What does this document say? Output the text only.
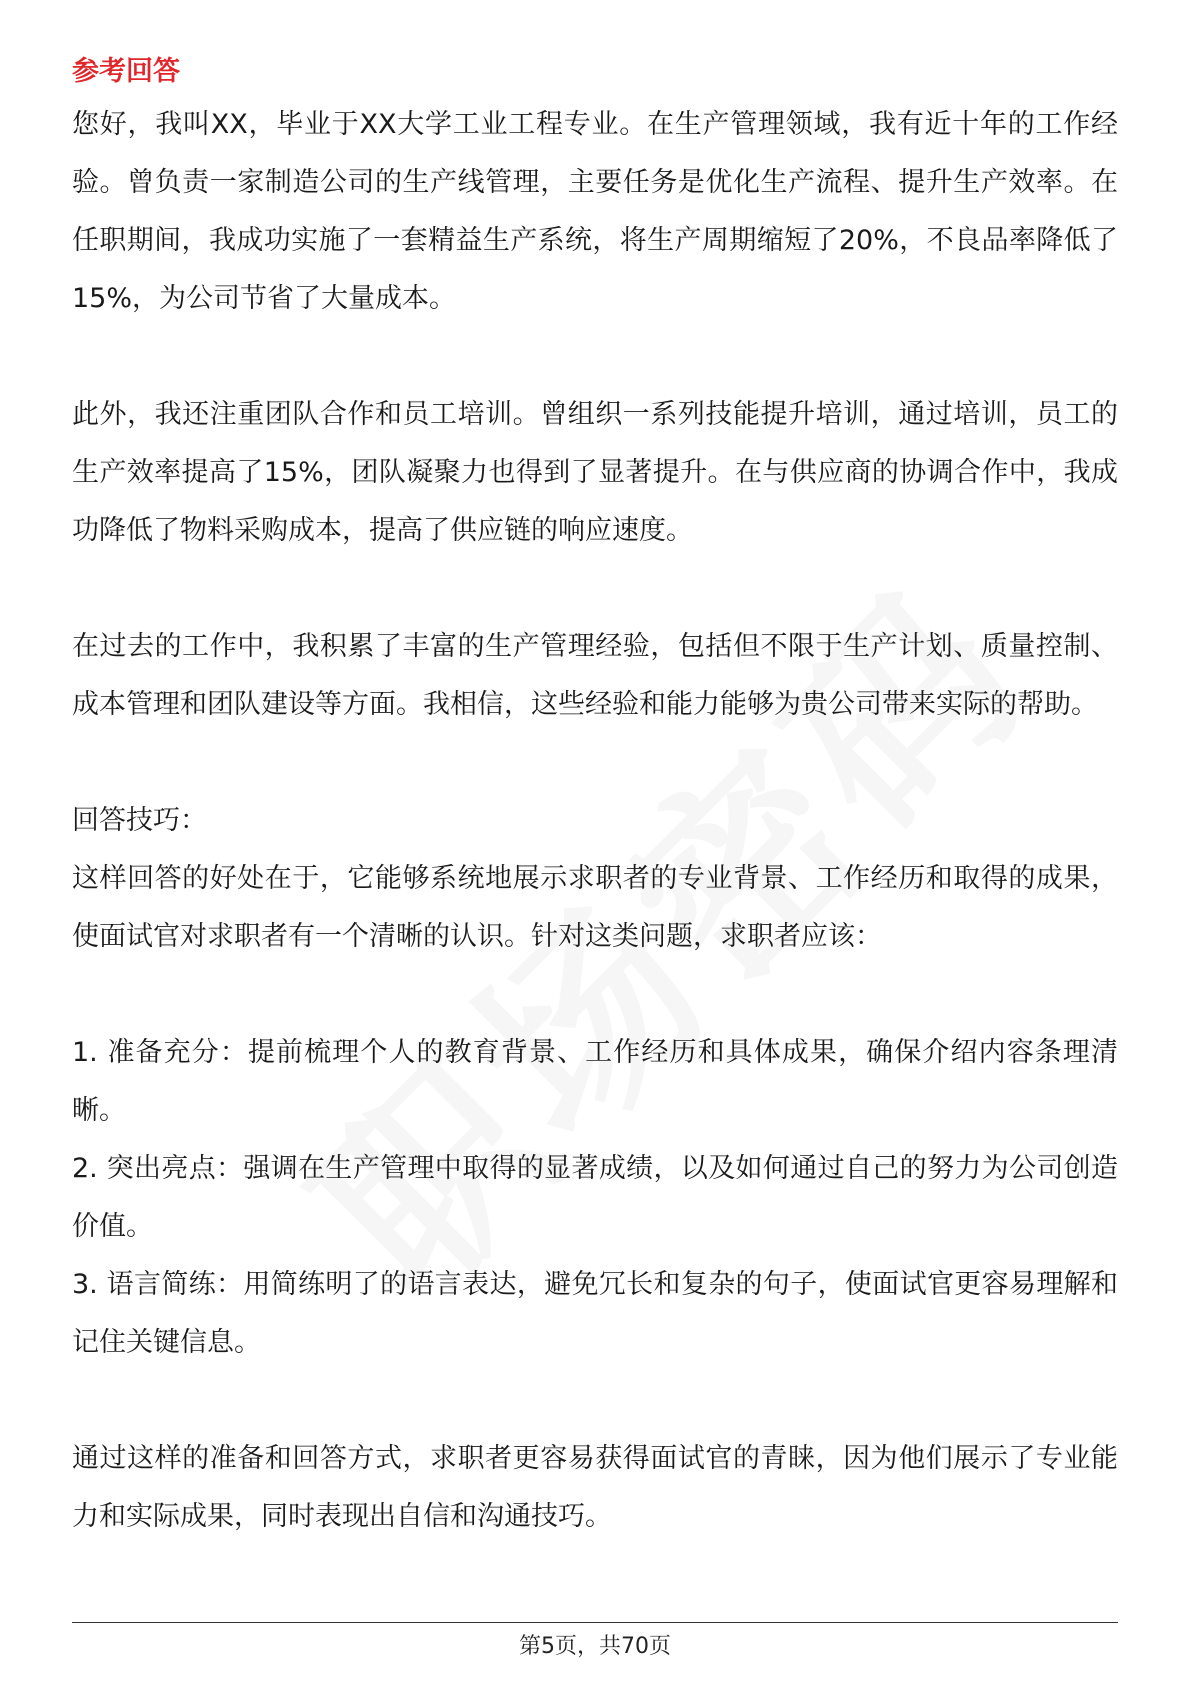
参考回答

您好，我叫XX，毕业于XX大学工业工程专业。在生产管理领域，我有近十年的工作经验。曾负责一家制造公司的生产线管理，主要任务是优化生产流程、提升生产效率。在任职期间，我成功实施了一套精益生产系统，将生产周期缩短了20%，不良品率降低了15%，为公司节省了大量成本。

此外，我还注重团队合作和员工培训。曾组织一系列技能提升培训，通过培训，员工的生产效率提高了15%，团队凝聚力也得到了显著提升。在与供应商的协调合作中，我成功降低了物料采购成本，提高了供应链的响应速度。

在过去的工作中，我积累了丰富的生产管理经验，包括但不限于生产计划、质量控制、成本管理和团队建设等方面。我相信，这些经验和能力能够为贵公司带来实际的帮助。

回答技巧：

这样回答的好处在于，它能够系统地展示求职者的专业背景、工作经历和取得的成果，使面试官对求职者有一个清晰的认识。针对这类问题，求职者应该：

1. 准备充分：提前梳理个人的教育背景、工作经历和具体成果，确保介绍内容条理清晰。

2. 突出亮点：强调在生产管理中取得的显著成绩，以及如何通过自己的努力为公司创造价值。

3. 语言简练：用简练明了的语言表达，避免冗长和复杂的句子，使面试官更容易理解和记住关键信息。

通过这样的准备和回答方式，求职者更容易获得面试官的青睐，因为他们展示了专业能力和实际成果，同时表现出自信和沟通技巧。

第5页，共70页
